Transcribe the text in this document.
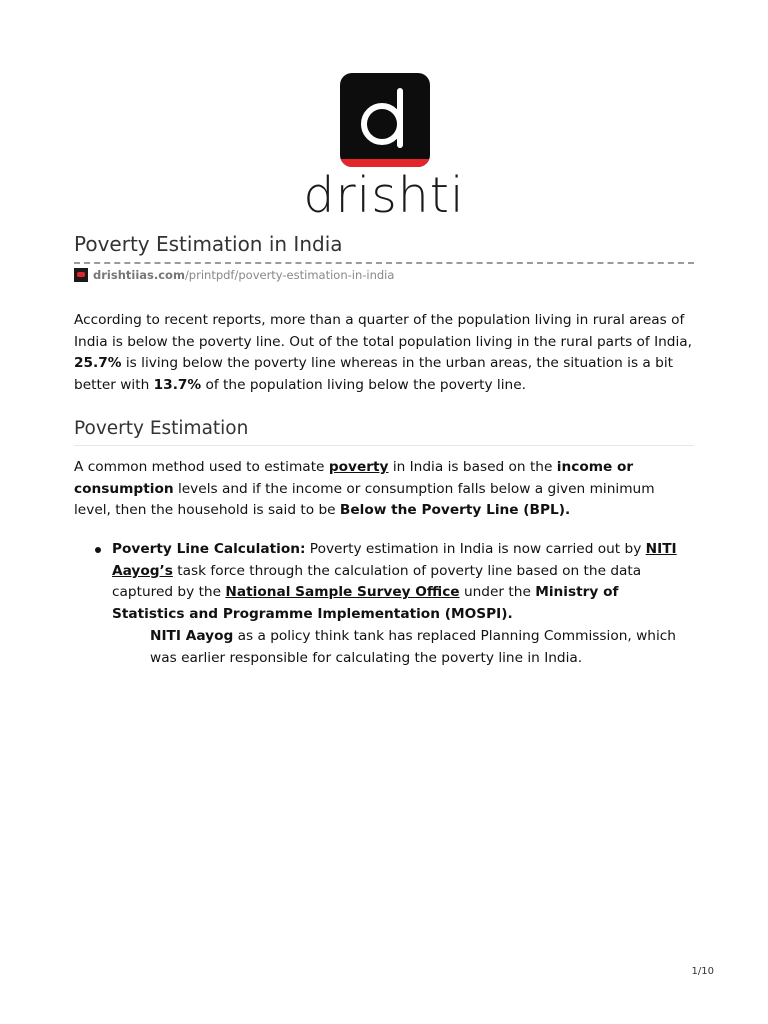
drishti
Poverty Estimation in India
drishtiias.com /printpdf/poverty-estimation-in-india

According to recent reports, more than a quarter of the population living in rural areas of India is below the poverty line. Out of the total population living in the rural parts of India, 25.7% is living below the poverty line whereas in the urban areas, the situation is a bit better with 13.7% of the population living below the poverty line.

Poverty Estimation

A common method used to estimate poverty in India is based on the income or consumption levels and if the income or consumption falls below a given minimum level, then the household is said to be Below the Poverty Line (BPL).

Poverty Line Calculation: Poverty estimation in India is now carried out by NITI Aayog’s task force through the calculation of poverty line based on the data captured by the National Sample Survey Office under the Ministry of Statistics and Programme Implementation (MOSPI).

NITI Aayog as a policy think tank has replaced Planning Commission, which was earlier responsible for calculating the poverty line in India.

1/10
